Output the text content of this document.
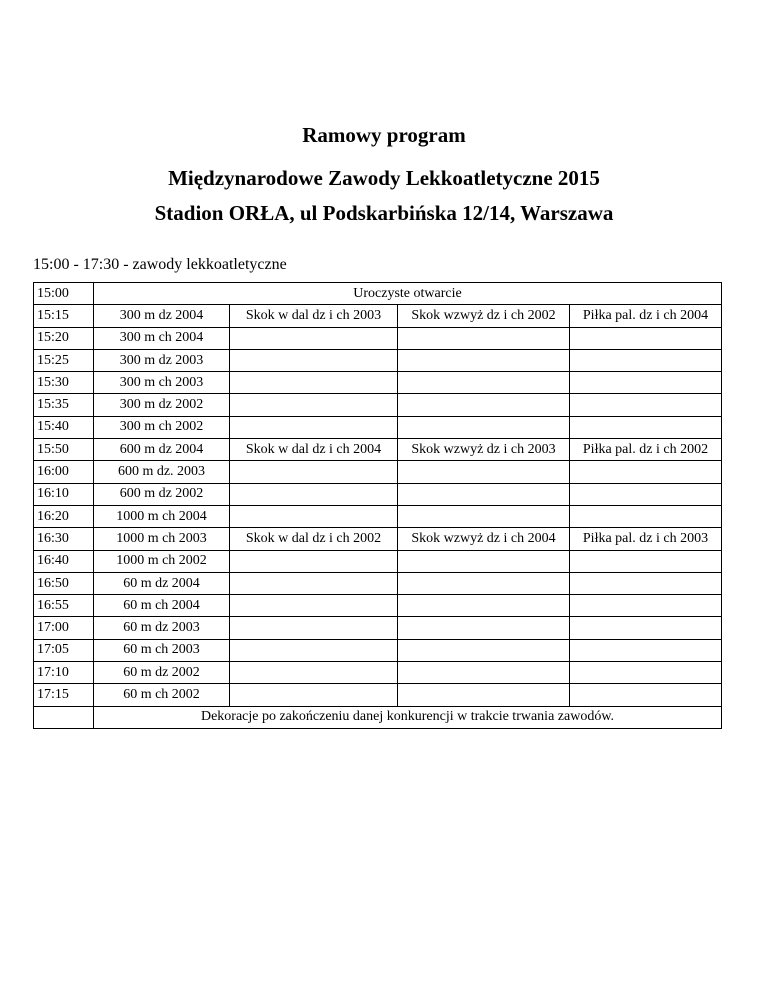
Ramowy program
Międzynarodowe Zawody Lekkoatletyczne 2015
Stadion ORŁA, ul Podskarbińska 12/14, Warszawa
15:00 - 17:30 - zawody lekkoatletyczne
15:00	Uroczyste otwarcie			
15:15	300 m dz 2004	Skok w dal dz i ch 2003	Skok wzwyż dz i ch 2002	Piłka pal. dz i ch 2004
15:20	300 m ch 2004			
15:25	300 m dz 2003			
15:30	300 m ch 2003			
15:35	300 m dz 2002			
15:40	300 m ch 2002			
15:50	600 m dz 2004	Skok w dal dz i ch 2004	Skok wzwyż dz i ch 2003	Piłka pal. dz i ch 2002
16:00	600 m dz. 2003			
16:10	600 m dz 2002			
16:20	1000 m ch 2004			
16:30	1000 m ch 2003	Skok w dal dz i ch 2002	Skok wzwyż dz i ch 2004	Piłka pal. dz i ch 2003
16:40	1000 m ch 2002			
16:50	60 m dz 2004			
16:55	60 m ch 2004			
17:00	60 m dz 2003			
17:05	60 m ch 2003			
17:10	60 m dz 2002			
17:15	60 m ch 2002			
	Dekoracje po zakończeniu danej konkurencji w trakcie trwania zawodów.			
